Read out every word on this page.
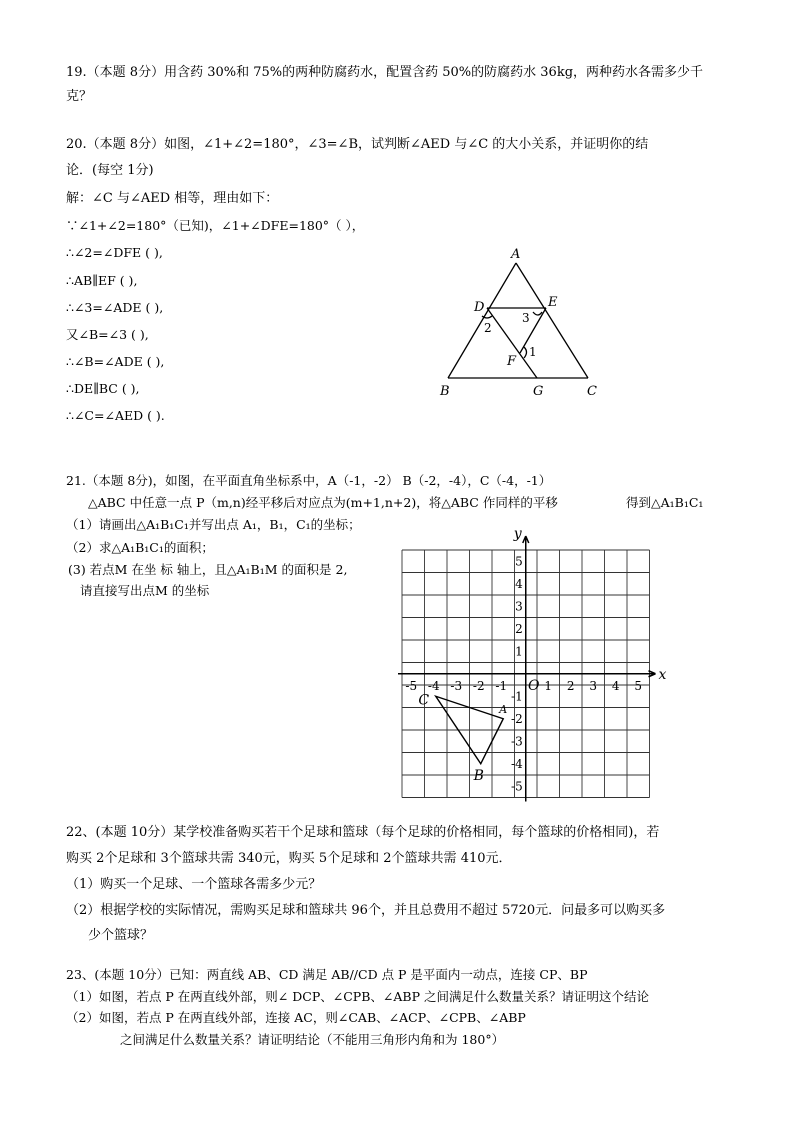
19.（本题 8分）用含药 30%和 75%的两种防腐药水，配置含药 50%的防腐药水 36kg，两种药水各需多少千
克？
20.（本题 8分）如图，∠1+∠2=180°，∠3=∠B，试判断∠AED 与∠C 的大小关系，并证明你的结
论．(每空 1分)
解：∠C 与∠AED 相等，理由如下：
∵∠1+∠2=180°（已知)，∠1+∠DFE=180°（ ），
∴∠2=∠DFE ( ),
∴AB∥EF ( ),
∴∠3=∠ADE ( ),
又∠B=∠3 ( ),
∴∠B=∠ADE ( ),
∴DE∥BC ( ),
∴∠C=∠AED ( ).
A
D	E
F
B	G	C
2
3
1
21.（本题 8分)，如图，在平面直角坐标系中，A（-1，-2） B（-2，-4），C（-4，-1）
△ABC 中任意一点 P（m,n)经平移后对应点为(m+1,n+2)，将△ABC 作同样的平移	得到△A₁B₁C₁
（1）请画出△A₁B₁C₁并写出点 A₁，B₁，C₁的坐标；
（2）求△A₁B₁C₁的面积；
(3) 若点M 在坐 标 轴上，且△A₁B₁M 的面积是 2,
请直接写出点M 的坐标
-5
-5
-4
-4
-3
-3
-2
-2
-1
-1
1
1
2
2
3
3
4
4
5
5
O
x
y
A
B
C
22、(本题 10分）某学校准备购买若干个足球和篮球（每个足球的价格相同，每个篮球的价格相同)，若
购买 2个足球和 3个篮球共需 340元，购买 5个足球和 2个篮球共需 410元．
（1）购买一个足球、一个篮球各需多少元？
（2）根据学校的实际情况，需购买足球和篮球共 96个，并且总费用不超过 5720元．问最多可以购买多
少个篮球？
23、(本题 10分）已知：两直线 AB、CD 满足 AB//CD 点 P 是平面内一动点，连接 CP、BP
（1）如图，若点 P 在两直线外部，则∠ DCP、∠CPB、∠ABP 之间满足什么数量关系？请证明这个结论
（2）如图，若点 P 在两直线外部，连接 AC，则∠CAB、∠ACP、∠CPB、∠ABP
之间满足什么数量关系？请证明结论（不能用三角形内角和为 180°）
